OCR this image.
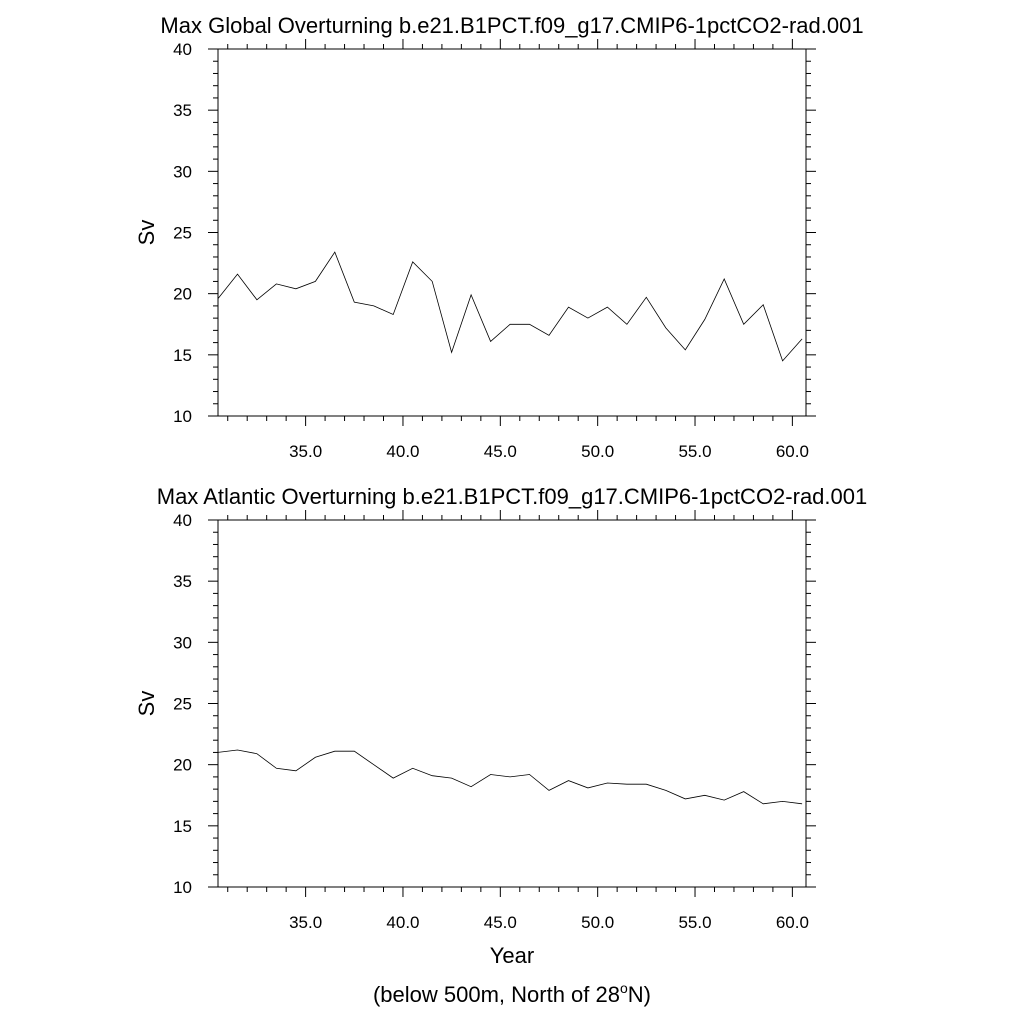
Max Global Overturning b.e21.B1PCT.f09_g17.CMIP6-1pctCO2-rad.001
10
15
20
25
30
35
40
35.0	40.0	45.0	50.0	55.0	60.0
Sv
Max Atlantic Overturning b.e21.B1PCT.f09_g17.CMIP6-1pctCO2-rad.001
10
15
20
25
30
35
40
35.0	40.0	45.0	50.0	55.0	60.0
Sv
Year
(below 500m, North of 28$^o$N)
